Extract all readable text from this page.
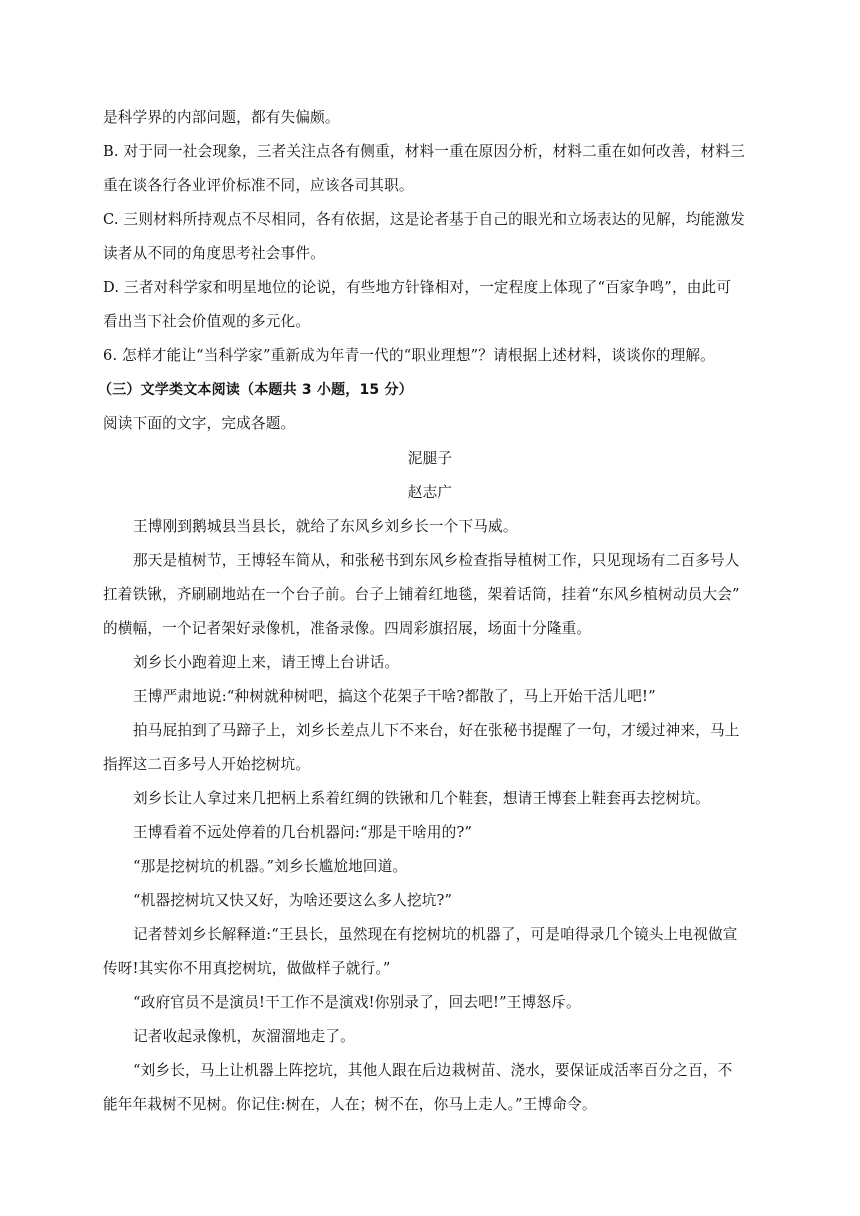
是科学界的内部问题，都有失偏颇。
B. 对于同一社会现象，三者关注点各有侧重，材料一重在原因分析，材料二重在如何改善，材料三
重在谈各行各业评价标准不同，应该各司其职。
C. 三则材料所持观点不尽相同，各有依据，这是论者基于自己的眼光和立场表达的见解，均能激发
读者从不同的角度思考社会事件。
D. 三者对科学家和明星地位的论说，有些地方针锋相对，一定程度上体现了“百家争鸣”，由此可
看出当下社会价值观的多元化。
6. 怎样才能让“当科学家”重新成为年青一代的“职业理想”？请根据上述材料，谈谈你的理解。
（三）文学类文本阅读（本题共 3 小题，15 分）
阅读下面的文字，完成各题。
泥腿子
赵志广
王博刚到鹅城县当县长，就给了东风乡刘乡长一个下马威。
那天是植树节，王博轻车简从，和张秘书到东风乡检查指导植树工作，只见现场有二百多号人
扛着铁锹，齐刷刷地站在一个台子前。台子上铺着红地毯，架着话筒，挂着“东风乡植树动员大会”
的横幅，一个记者架好录像机，准备录像。四周彩旗招展，场面十分隆重。
刘乡长小跑着迎上来，请王博上台讲话。
王博严肃地说:“种树就种树吧，搞这个花架子干啥?都散了，马上开始干活儿吧!”
拍马屁拍到了马蹄子上，刘乡长差点儿下不来台，好在张秘书提醒了一句，才缓过神来，马上
指挥这二百多号人开始挖树坑。
刘乡长让人拿过来几把柄上系着红绸的铁锹和几个鞋套，想请王博套上鞋套再去挖树坑。
王博看着不远处停着的几台机器问:“那是干啥用的?”
“那是挖树坑的机器。”刘乡长尴尬地回道。
“机器挖树坑又快又好，为啥还要这么多人挖坑?”
记者替刘乡长解释道:“王县长，虽然现在有挖树坑的机器了，可是咱得录几个镜头上电视做宣
传呀!其实你不用真挖树坑，做做样子就行。”
“政府官员不是演员!干工作不是演戏!你别录了，回去吧!”王博怒斥。
记者收起录像机，灰溜溜地走了。
“刘乡长，马上让机器上阵挖坑，其他人跟在后边栽树苗、浇水，要保证成活率百分之百，不
能年年栽树不见树。你记住:树在，人在；树不在，你马上走人。”王博命令。
